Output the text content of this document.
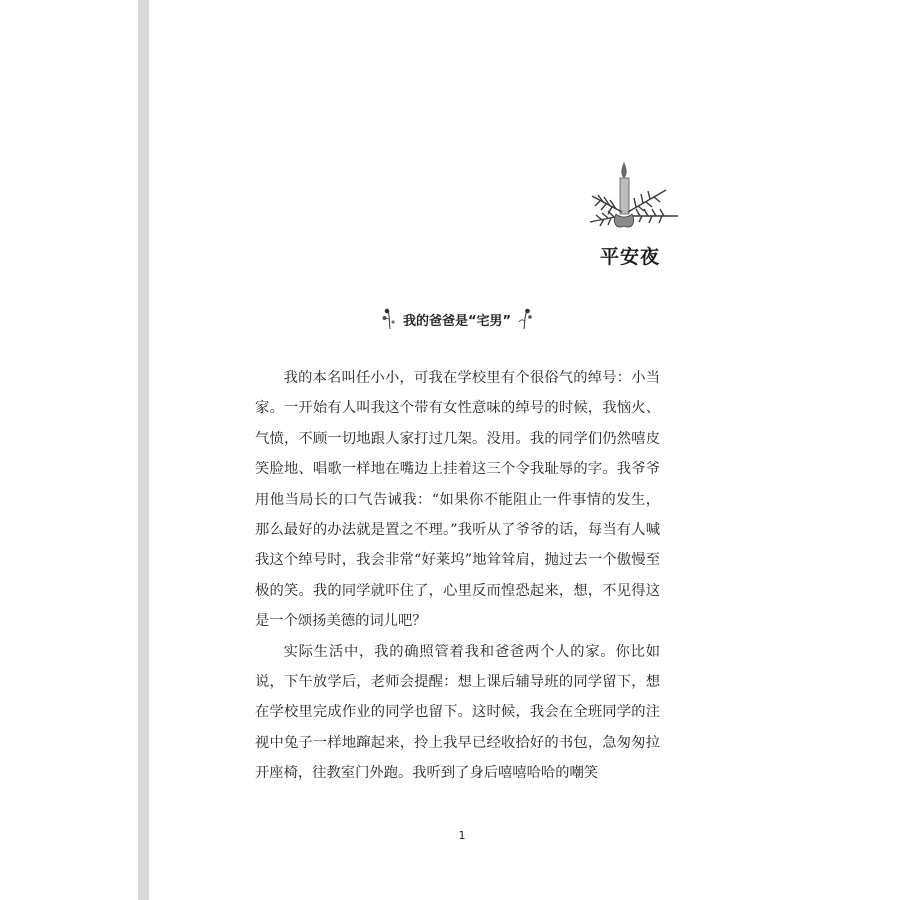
平安夜
我的爸爸是“宅男”

我的本名叫任小小，可我在学校里有个很俗气的绰号：小当家。一开始有人叫我这个带有女性意味的绰号的时候，我恼火、气愤，不顾一切地跟人家打过几架。没用。我的同学们仍然嘻皮笑脸地、唱歌一样地在嘴边上挂着这三个令我耻辱的字。我爷爷用他当局长的口气告诫我：“如果你不能阻止一件事情的发生，那么最好的办法就是置之不理。”我听从了爷爷的话，每当有人喊我这个绰号时，我会非常“好莱坞”地耸耸肩，抛过去一个傲慢至极的笑。我的同学就吓住了，心里反而惶恐起来，想，不见得这是一个颂扬美德的词儿吧？

实际生活中，我的确照管着我和爸爸两个人的家。你比如说，下午放学后，老师会提醒：想上课后辅导班的同学留下，想在学校里完成作业的同学也留下。这时候，我会在全班同学的注视中兔子一样地蹿起来，拎上我早已经收拾好的书包，急匆匆拉开座椅，往教室门外跑。我听到了身后嘻嘻哈哈的嘲笑

1
